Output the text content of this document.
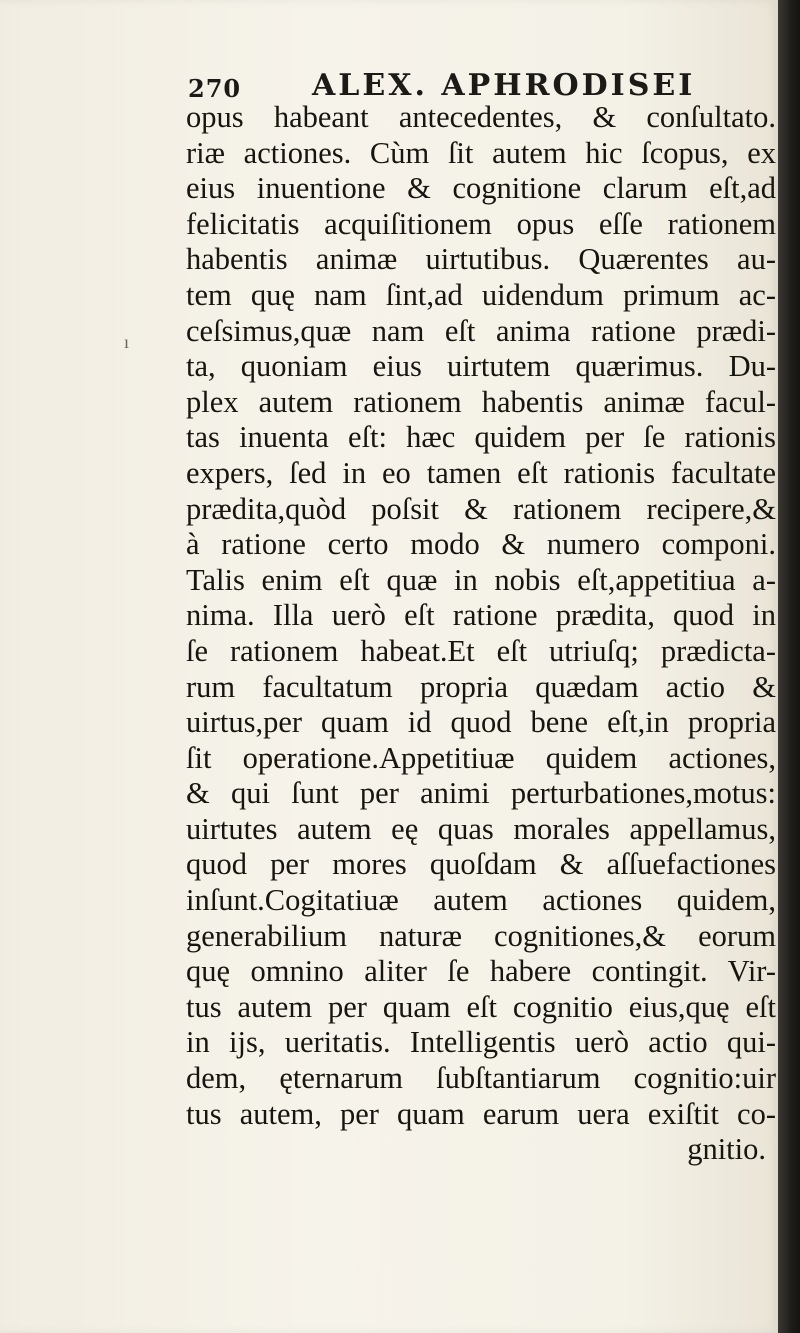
270 ALEX. APHRODISEI
ı
opus habeant antecedentes, & conſultato.
riæ actiones. Cùm ſit autem hic ſcopus, ex
eius inuentione & cognitione clarum eſt,ad
felicitatis acquiſitionem opus eſſe rationem
habentis animæ uirtutibus. Quærentes au-
tem quę nam ſint,ad uidendum primum ac-
ceſsimus,quæ nam eſt anima ratione prædi-
ta, quoniam eius uirtutem quærimus. Du-
plex autem rationem habentis animæ facul-
tas inuenta eſt: hæc quidem per ſe rationis
expers, ſed in eo tamen eſt rationis facultate
prædita,quòd poſsit & rationem recipere,&
à ratione certo modo & numero componi.
Talis enim eſt quæ in nobis eſt,appetitiua a-
nima. Illa uerò eſt ratione prædita, quod in
ſe rationem habeat.Et eſt utriuſq; prædicta-
rum facultatum propria quædam actio &
uirtus,per quam id quod bene eſt,in propria
ſit operatione.Appetitiuæ quidem actiones,
& qui ſunt per animi perturbationes,motus:
uirtutes autem eę quas morales appellamus,
quod per mores quoſdam & aſſuefactiones
inſunt.Cogitatiuæ autem actiones quidem,
generabilium naturæ cognitiones,& eorum
quę omnino aliter ſe habere contingit. Vir-
tus autem per quam eſt cognitio eius,quę eſt
in ijs, ueritatis. Intelligentis uerò actio qui-
dem, ęternarum ſubſtantiarum cognitio:uir
tus autem, per quam earum uera exiſtit co-
gnitio.
